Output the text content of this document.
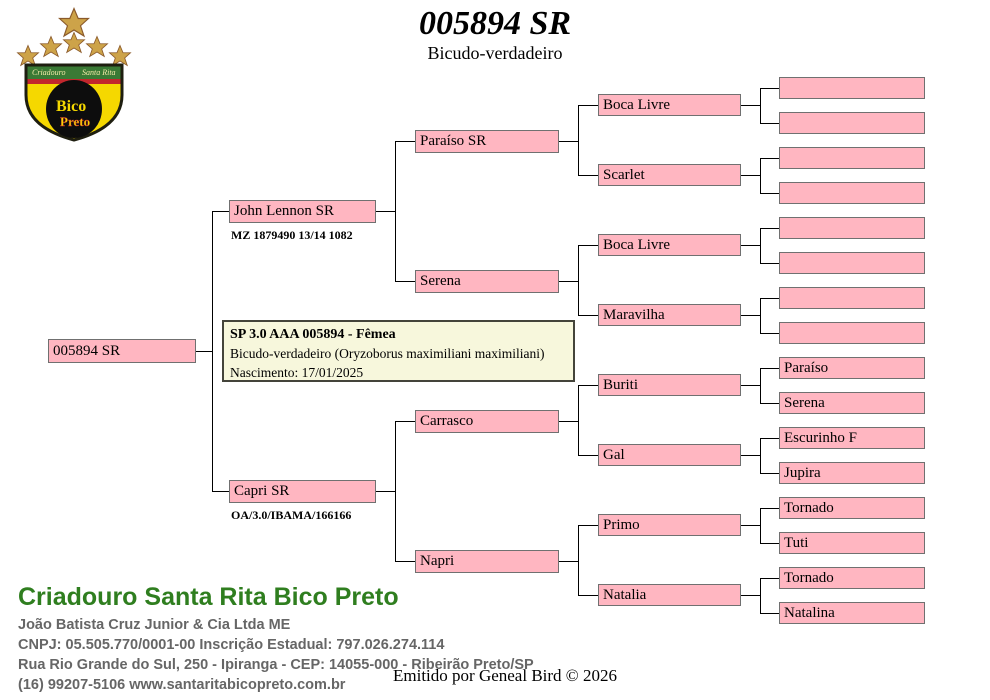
Criadouro Santa Rita
Bico
Preto
005894 SR
Bicudo-verdadeiro
005894 SR
SP 3.0 AAA 005894 - Fêmea
Bicudo-verdadeiro (Oryzoborus maximiliani maximiliani)
Nascimento: 17/01/2025
John Lennon SR
MZ 1879490 13/14 1082
Capri SR
OA/3.0/IBAMA/166166
Paraíso SR
Serena
Carrasco
Napri
Boca Livre
Scarlet
Boca Livre
Maravilha
Buriti
Gal
Primo
Natalia
Paraíso
Serena
Escurinho F
Jupira
Tornado
Tuti
Tornado
Natalina
Criadouro Santa Rita Bico Preto
João Batista Cruz Junior & Cia Ltda ME
CNPJ: 05.505.770/0001-00 Inscrição Estadual: 797.026.274.114
Rua Rio Grande do Sul, 250 - Ipiranga - CEP: 14055-000 - Ribeirão Preto/SP
(16) 99207-5106 www.santaritabicopreto.com.br	Emitido por Geneal Bird © 2026
